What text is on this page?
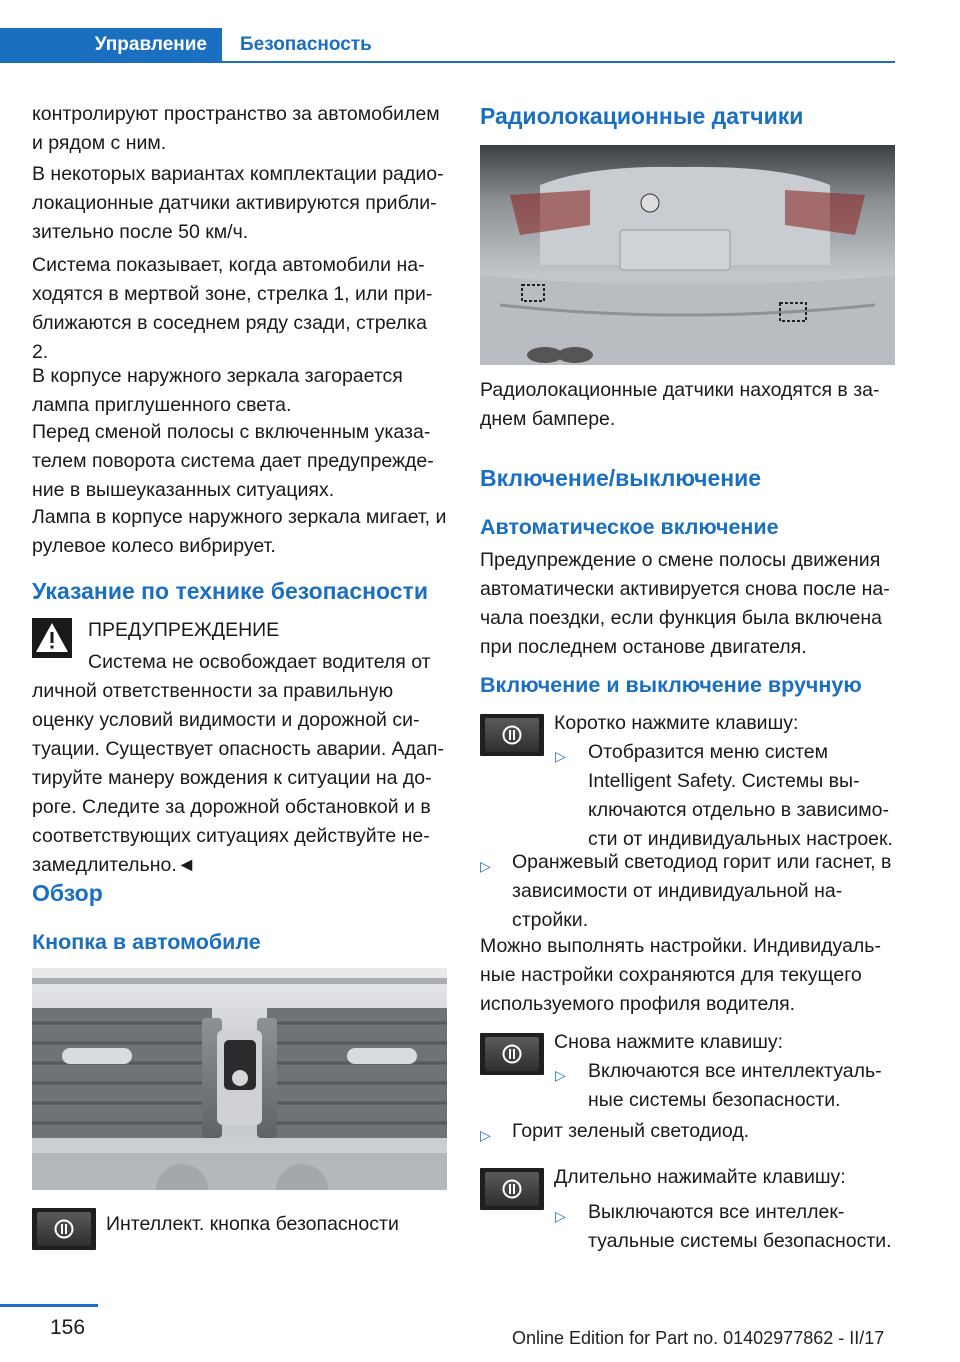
Управление	Безопасность

контролируют пространство за автомобилем и рядом с ним.

В некоторых вариантах комплектации радиолокационные датчики активируются приблизительно после 50 км/ч.

Система показывает, когда автомобили находятся в мертвой зоне, стрелка 1, или приближаются в соседнем ряду сзади, стрелка 2.

В корпусе наружного зеркала загорается лампа приглушенного света.

Перед сменой полосы с включенным указателем поворота система дает предупреждение в вышеуказанных ситуациях.

Лампа в корпусе наружного зеркала мигает, и рулевое колесо вибрирует.

Указание по технике безопасности

ПРЕДУПРЕЖДЕНИЕ

Система не освобождает водителя от личной ответственности за правильную оценку условий видимости и дорожной ситуации. Существует опасность аварии. Адаптируйте манеру вождения к ситуации на дороге. Следите за дорожной обстановкой и в соответствующих ситуациях действуйте незамедлительно.◄

Обзор
Кнопка в автомобиле

Интеллект. кнопка безопасности

Радиолокационные датчики

Радиолокационные датчики находятся в заднем бампере.

Включение/выключение
Автоматическое включение

Предупреждение о смене полосы движения автоматически активируется снова после начала поездки, если функция была включена при последнем останове двигателя.

Включение и выключение вручную

Коротко нажмите клавишу:

▷ Отобразится меню систем Intelligent Safety. Системы выключаются отдельно в зависимости от индивидуальных настроек.

▷ Оранжевый светодиод горит или гаснет, в зависимости от индивидуальной настройки.

Можно выполнять настройки. Индивидуальные настройки сохраняются для текущего используемого профиля водителя.

Снова нажмите клавишу:

▷ Включаются все интеллектуальные системы безопасности.

▷ Горит зеленый светодиод.

Длительно нажимайте клавишу:

▷ Выключаются все интеллектуальные системы безопасности.

156	Online Edition for Part no. 01402977862 - II/17
